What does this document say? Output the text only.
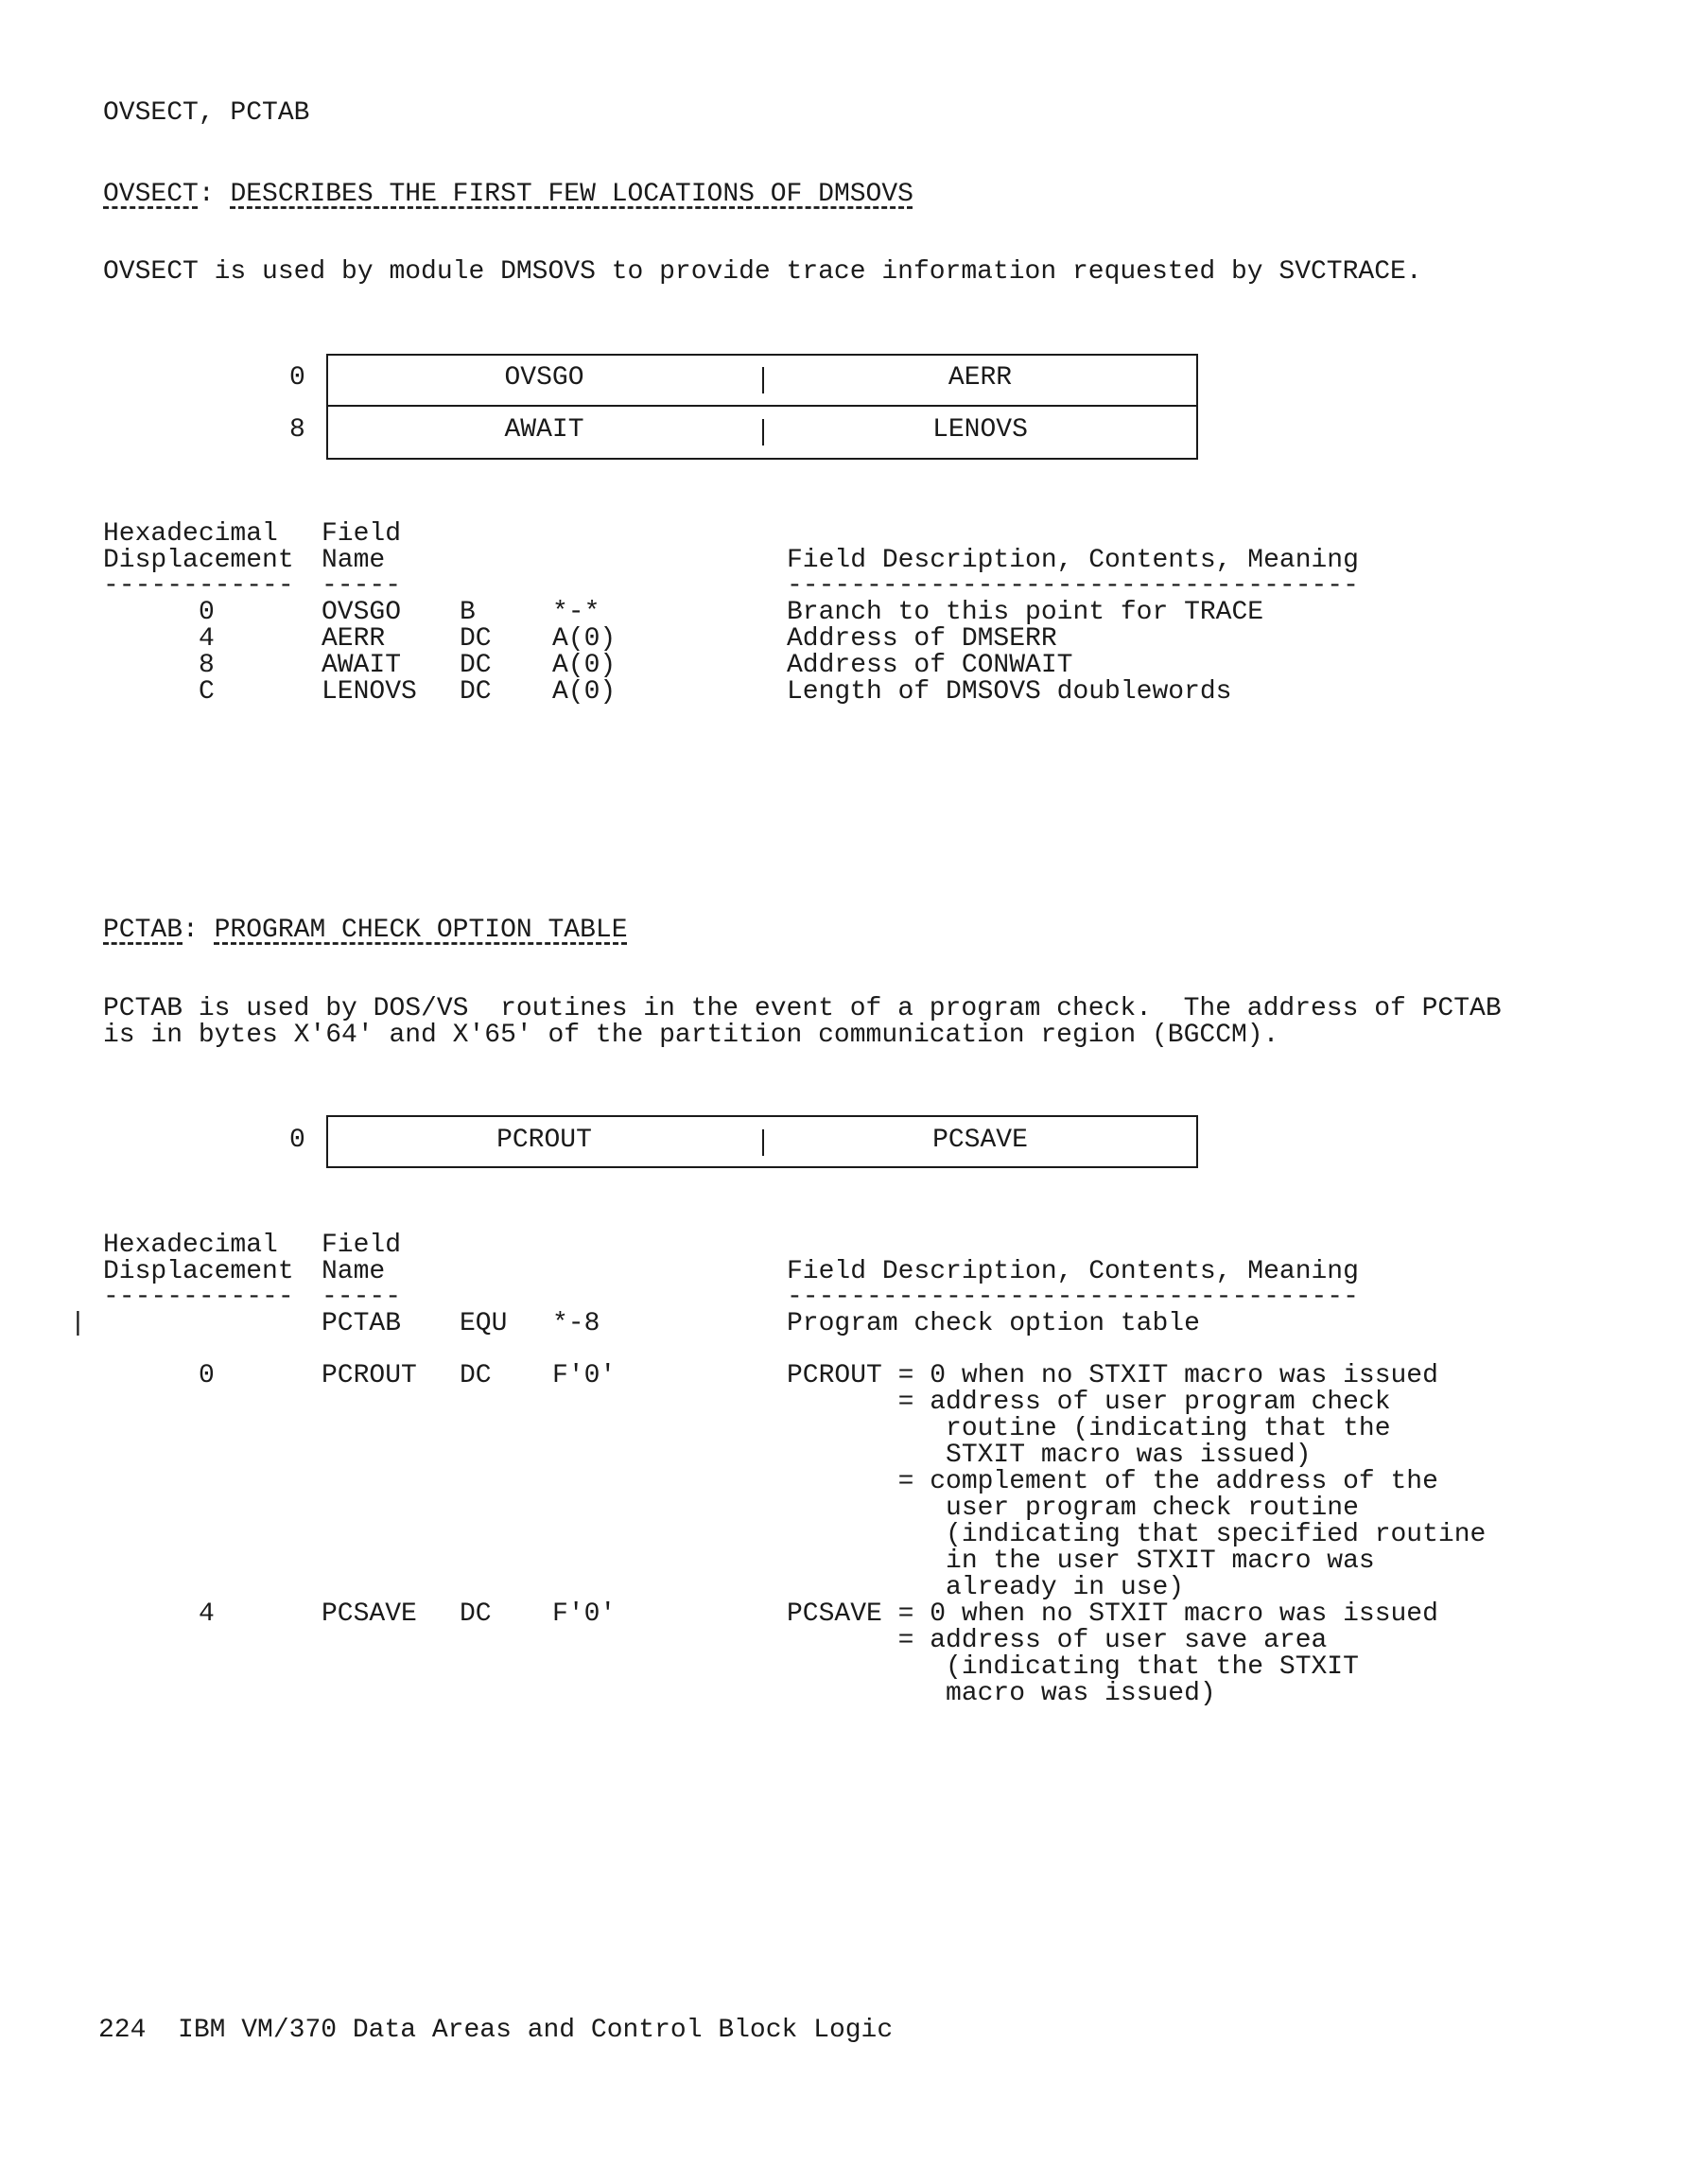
OVSECT, PCTAB
OVSECT: DESCRIBES THE FIRST FEW LOCATIONS OF DMSOVS
OVSECT is used by module DMSOVS to provide trace information requested by SVCTRACE.
0
8
OVSGO	AERR
AWAIT	LENOVS
Hexadecimal
Displacement
Field
Name	Field Description, Contents, Meaning
------------ -----	------------------------------------
0	OVSGO B	*-*	Branch to this point for TRACE
4	AERR	DC A(0)	Address of DMSERR
8	AWAIT DC A(0)	Address of CONWAIT
C	LENOVS DC A(0)	Length of DMSOVS doublewords
PCTAB: PROGRAM CHECK OPTION TABLE
PCTAB is used by DOS/VS  routines in the event of a program check.  The address of PCTAB
is in bytes X'64' and X'65' of the partition communication region (BGCCM).
0	PCROUT	PCSAVE
Hexadecimal
Displacement
Field
Name	Field Description, Contents, Meaning
------------ -----	------------------------------------
|	PCTAB EQU *-8	Program check option table
0	PCROUT DC F'0'	PCROUT = 0 when no STXIT macro was issued
= address of user program check
routine (indicating that the
STXIT macro was issued)
= complement of the address of the
user program check routine
(indicating that specified routine
in the user STXIT macro was
already in use)
4	PCSAVE DC F'0'	PCSAVE = 0 when no STXIT macro was issued
= address of user save area
(indicating that the STXIT
macro was issued)
224 IBM VM/370 Data Areas and Control Block Logic
